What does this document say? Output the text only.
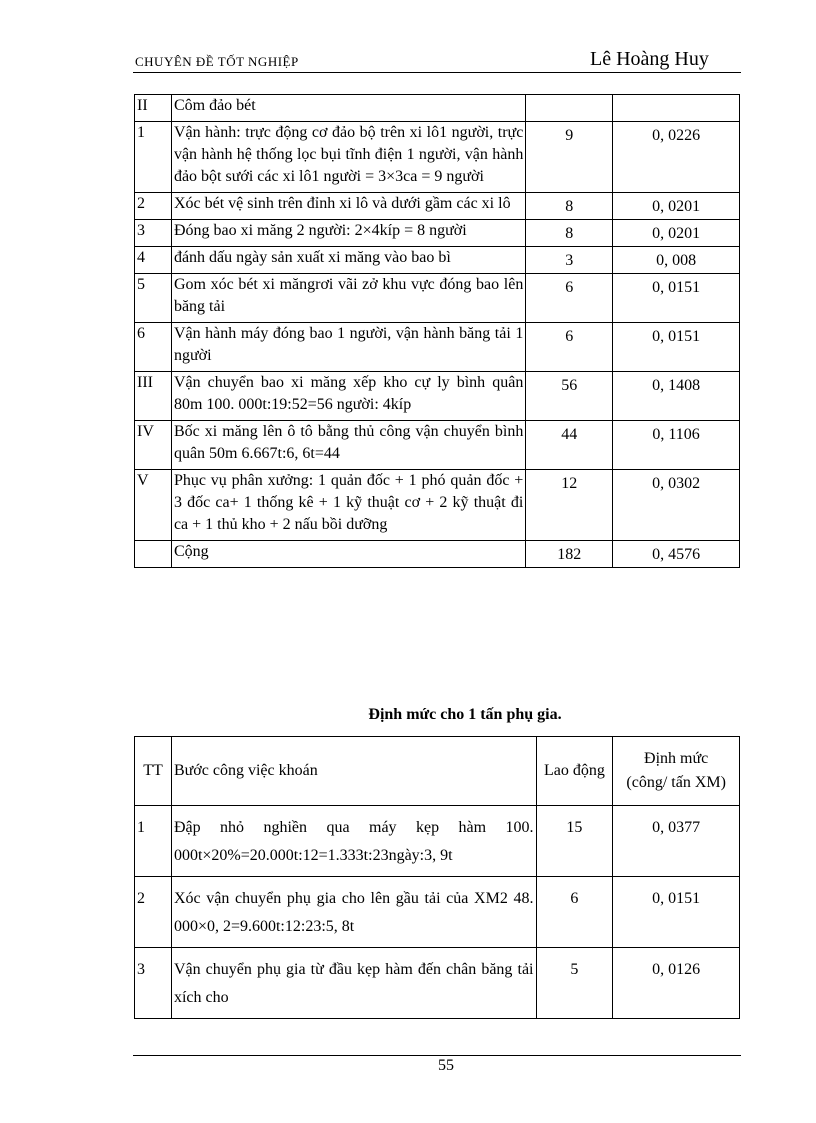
CHUYÊN ĐỀ TỐT NGHIỆP	Lê Hoàng Huy
II	Côm đảo bét		
1	Vận hành: trực động cơ đảo bộ trên xi lô1 người, trực vận hành hệ thống lọc bụi tĩnh điện 1 người, vận hành đảo bột sưới các xi lô1 người = 3×3ca = 9 người	9	0, 0226
2	Xóc bét vệ sinh trên đỉnh xi lô và dưới gầm các xi lô	8	0, 0201
3	Đóng bao xi măng 2 người: 2×4kíp = 8 người	8	0, 0201
4	đánh dấu ngày sản xuất xi măng vào bao bì	3	0, 008
5	Gom xóc bét xi măngrơi vãi zở khu vực đóng bao lên băng tải	6	0, 0151
6	Vận hành máy đóng bao 1 người, vận hành băng tải 1 người	6	0, 0151
III	Vận chuyển bao xi măng xếp kho cự ly bình quân 80m 100. 000t:19:52=56 người: 4kíp	56	0, 1408
IV	Bốc xi măng lên ô tô bằng thủ công vận chuyển bình quân 50m 6.667t:6, 6t=44	44	0, 1106
V	Phục vụ phân xưởng: 1 quản đốc + 1 phó quản đốc + 3 đốc ca+ 1 thống kê + 1 kỹ thuật cơ + 2 kỹ thuật đi ca + 1 thủ kho + 2 nấu bồi dưỡng	12	0, 0302
	Cộng	182	0, 4576
Định mức cho 1 tấn phụ gia.
TT	Bước công việc khoán	Lao động	Định mức
(công/ tấn XM)

1	Đập nhỏ nghiền qua máy kẹp hàm 100. 000t×20%=20.000t:12=1.333t:23ngày:3, 9t	15	0, 0377
2	Xóc vận chuyển phụ gia cho lên gầu tải của XM2 48. 000×0, 2=9.600t:12:23:5, 8t	6	0, 0151
3	Vận chuyển phụ gia từ đầu kẹp hàm đến chân băng tải xích cho	5	0, 0126
55
